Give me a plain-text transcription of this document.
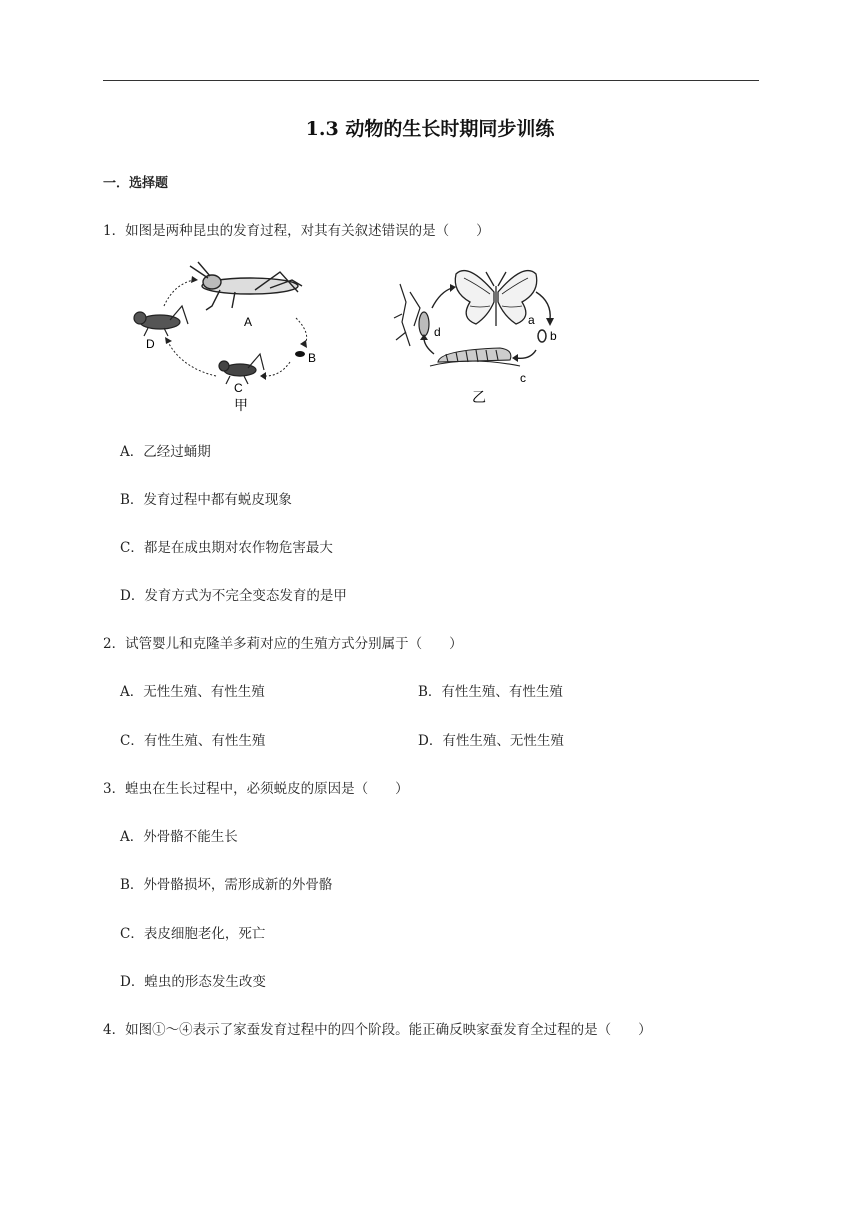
1.3 动物的生长时期同步训练
一．选择题
1．如图是两种昆虫的发育过程，对其有关叙述错误的是（　　）
A
B
C
D
甲
a
b
c
d
乙
A．乙经过蛹期
B．发育过程中都有蜕皮现象
C．都是在成虫期对农作物危害最大
D．发育方式为不完全变态发育的是甲
2．试管婴儿和克隆羊多莉对应的生殖方式分别属于（　　）
A．无性生殖、有性生殖	B．有性生殖、有性生殖
C．有性生殖、有性生殖	D．有性生殖、无性生殖
3．蝗虫在生长过程中，必须蜕皮的原因是（　　）
A．外骨骼不能生长
B．外骨骼损坏，需形成新的外骨骼
C．表皮细胞老化，死亡
D．蝗虫的形态发生改变
4．如图①～④表示了家蚕发育过程中的四个阶段。能正确反映家蚕发育全过程的是（　　）
